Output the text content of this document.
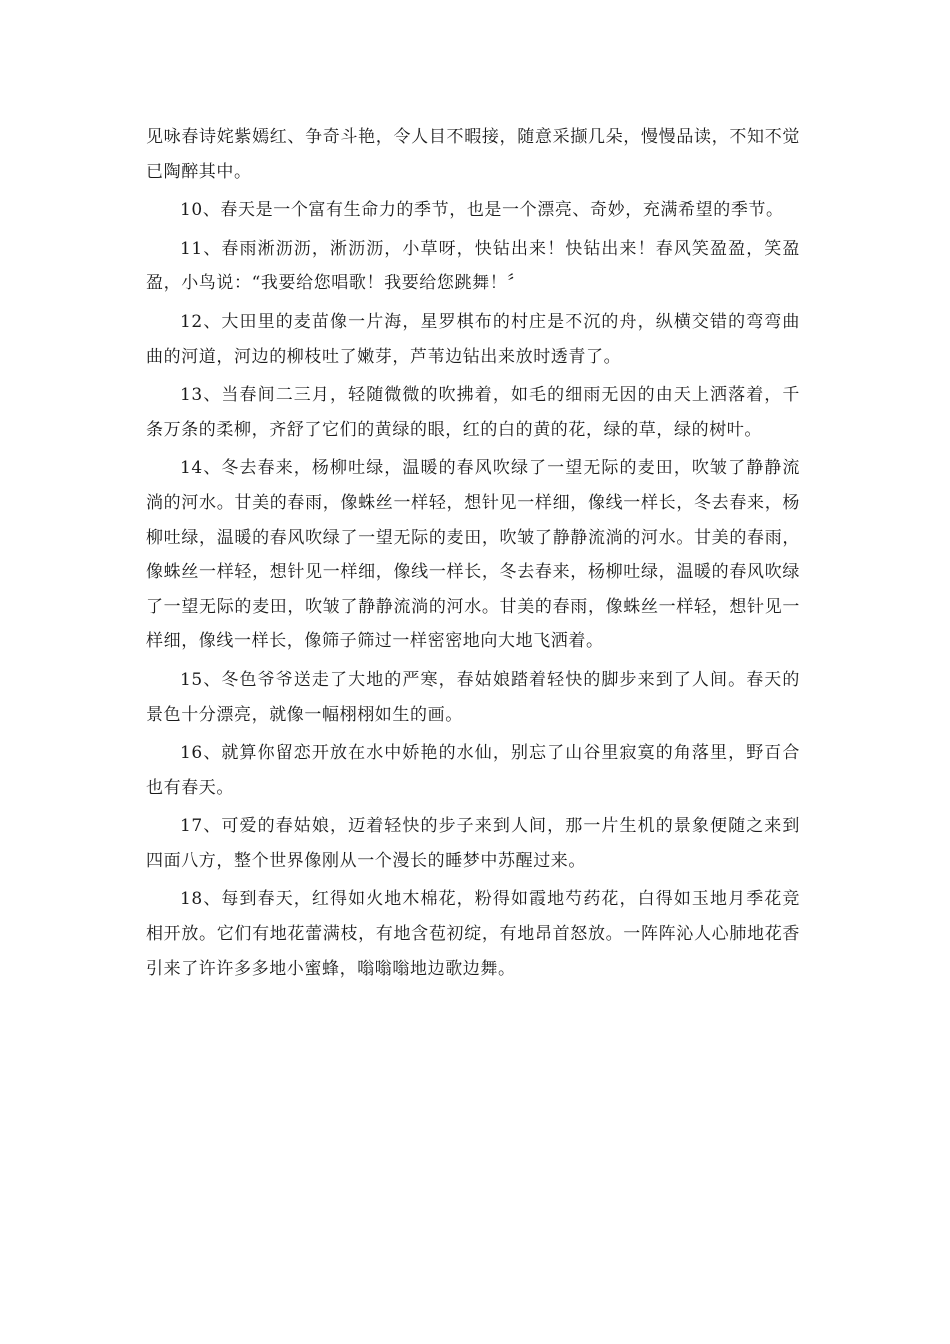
见咏春诗姹紫嫣红、争奇斗艳，令人目不暇接，随意采撷几朵，慢慢品读，不知不觉已陶醉其中。

10、春天是一个富有生命力的季节，也是一个漂亮、奇妙，充满希望的季节。

11、春雨淅沥沥，淅沥沥，小草呀，快钻出来！快钻出来！春风笑盈盈，笑盈盈，小鸟说：“我要给您唱歌！我要给您跳舞！〞

12、大田里的麦苗像一片海，星罗棋布的村庄是不沉的舟，纵横交错的弯弯曲曲的河道，河边的柳枝吐了嫩芽，芦苇边钻出来放时透青了。

13、当春间二三月，轻随微微的吹拂着，如毛的细雨无因的由天上洒落着，千条万条的柔柳，齐舒了它们的黄绿的眼，红的白的黄的花，绿的草，绿的树叶。

14、冬去春来，杨柳吐绿，温暖的春风吹绿了一望无际的麦田，吹皱了静静流淌的河水。甘美的春雨，像蛛丝一样轻，想针见一样细，像线一样长，冬去春来，杨柳吐绿，温暖的春风吹绿了一望无际的麦田，吹皱了静静流淌的河水。甘美的春雨，像蛛丝一样轻，想针见一样细，像线一样长，冬去春来，杨柳吐绿，温暖的春风吹绿了一望无际的麦田，吹皱了静静流淌的河水。甘美的春雨，像蛛丝一样轻，想针见一样细，像线一样长，像筛子筛过一样密密地向大地飞洒着。

15、冬色爷爷送走了大地的严寒，春姑娘踏着轻快的脚步来到了人间。春天的景色十分漂亮，就像一幅栩栩如生的画。

16、就算你留恋开放在水中娇艳的水仙，别忘了山谷里寂寞的角落里，野百合也有春天。

17、可爱的春姑娘，迈着轻快的步子来到人间，那一片生机的景象便随之来到四面八方，整个世界像刚从一个漫长的睡梦中苏醒过来。

18、每到春天，红得如火地木棉花，粉得如霞地芍药花，白得如玉地月季花竞相开放。它们有地花蕾满枝，有地含苞初绽，有地昂首怒放。一阵阵沁人心肺地花香引来了许许多多地小蜜蜂，嗡嗡嗡地边歌边舞。
